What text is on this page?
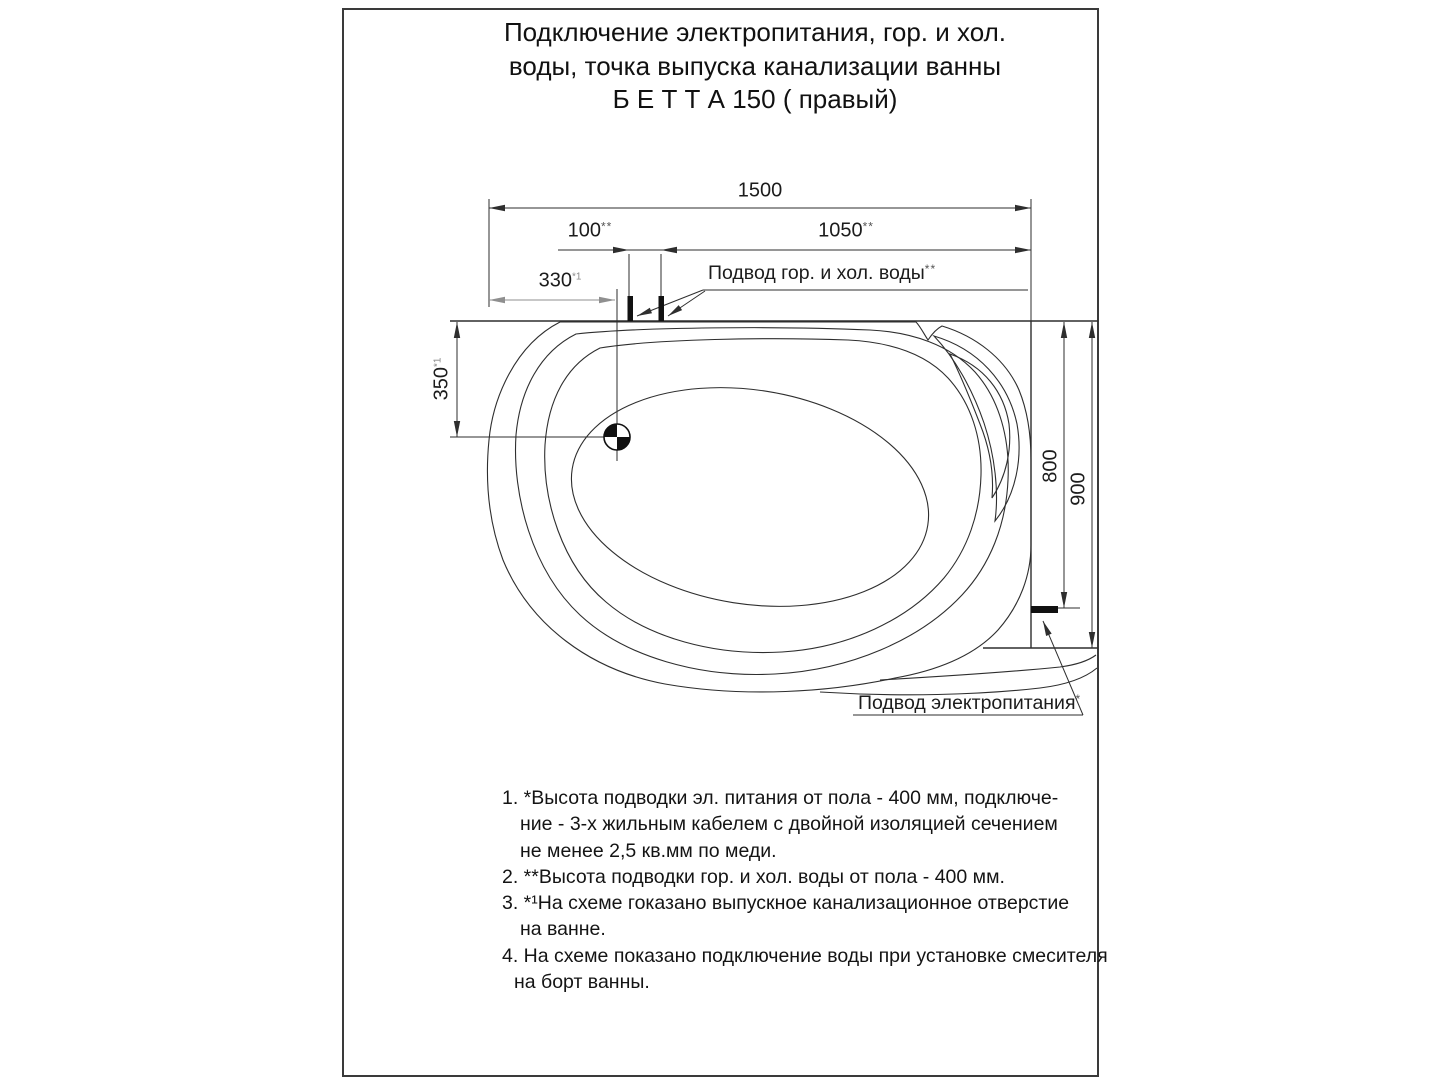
Подключение электропитания, гор. и хол.
воды, точка выпуска канализации ванны
Б Е Т Т А 150 ( правый)
1500
100**	1050**
330$^{*1}$
350$^{*1}$
800
900
Подвод гор. и хол. воды**
Подвод электропитания*
1. *Высота подводки эл. питания от пола - 400 мм, подключе-
ние - 3-х жильным кабелем с двойной изоляцией сечением
не менее 2,5 кв.мм по меди.
2. **Высота подводки гор. и хол. воды от пола - 400 мм.
3. *¹На схеме гоказано выпускное канализационное отверстие
на ванне.
4. На схеме показано подключение воды при установке смесителя
на борт ванны.
